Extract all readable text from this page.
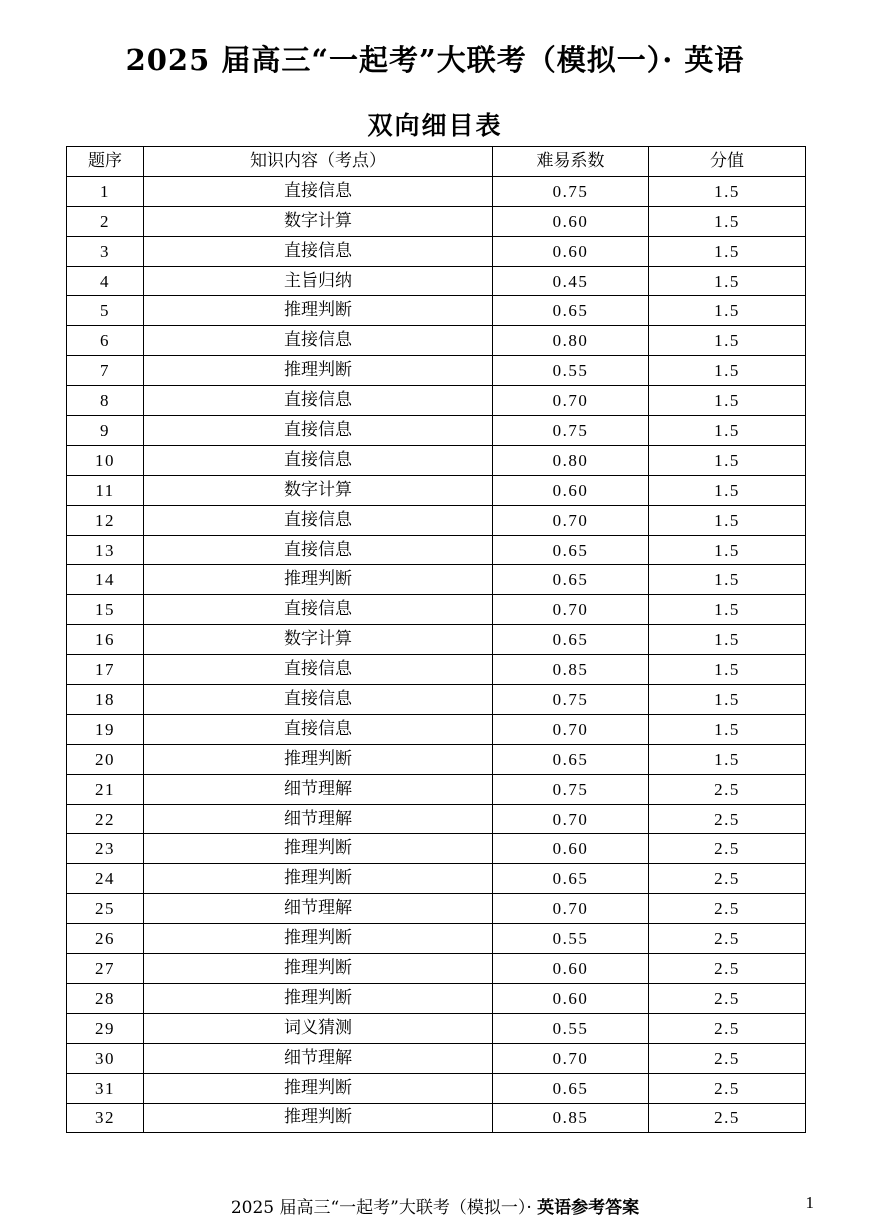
2025 届高三“一起考”大联考（模拟一）· 英语
双向细目表
题序	知识内容（考点）	难易系数	分值
1	直接信息	0.75	1.5
2	数字计算	0.60	1.5
3	直接信息	0.60	1.5
4	主旨归纳	0.45	1.5
5	推理判断	0.65	1.5
6	直接信息	0.80	1.5
7	推理判断	0.55	1.5
8	直接信息	0.70	1.5
9	直接信息	0.75	1.5
10	直接信息	0.80	1.5
11	数字计算	0.60	1.5
12	直接信息	0.70	1.5
13	直接信息	0.65	1.5
14	推理判断	0.65	1.5
15	直接信息	0.70	1.5
16	数字计算	0.65	1.5
17	直接信息	0.85	1.5
18	直接信息	0.75	1.5
19	直接信息	0.70	1.5
20	推理判断	0.65	1.5
21	细节理解	0.75	2.5
22	细节理解	0.70	2.5
23	推理判断	0.60	2.5
24	推理判断	0.65	2.5
25	细节理解	0.70	2.5
26	推理判断	0.55	2.5
27	推理判断	0.60	2.5
28	推理判断	0.60	2.5
29	词义猜测	0.55	2.5
30	细节理解	0.70	2.5
31	推理判断	0.65	2.5
32	推理判断	0.85	2.5
2025 届高三“一起考”大联考（模拟一）· 英语参考答案	1
